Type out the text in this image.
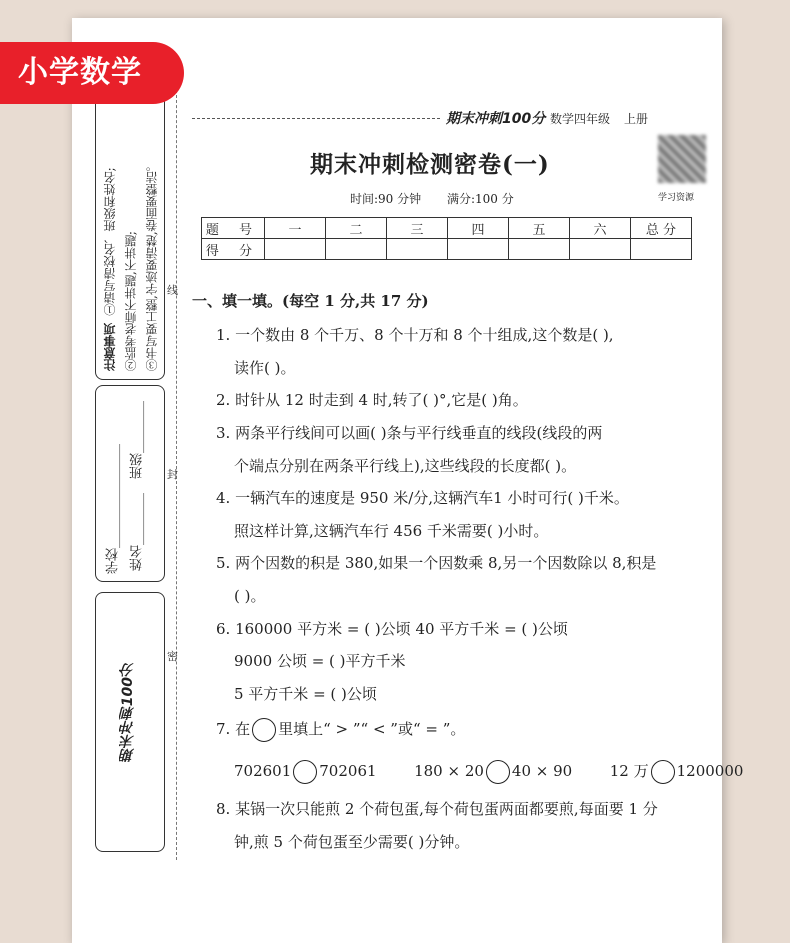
小学数学
注意事项  ①请写清校名、班级和姓名; ②监考老师不讲题,不讲题; ③书写要工整,字迹要清楚,卷面要整洁。
学校________________ 班级________
姓名________
期末冲刺100分
线
封
密
期末冲刺100分 数学四年级 上册
学习资源
期末冲刺检测密卷(一)
时间:90 分钟 满分:100 分
题 号	一	二	三	四	五	六	总 分
得 分							
一、填一填。(每空 1 分,共 17 分)
1. 一个数由 8 个千万、8 个十万和 8 个十组成,这个数是( ),
读作( )。
2. 时针从 12 时走到 4 时,转了( )°,它是( )角。
3. 两条平行线间可以画( )条与平行线垂直的线段(线段的两
个端点分别在两条平行线上),这些线段的长度都( )。
4. 一辆汽车的速度是 950 米/分,这辆汽车1 小时可行( )千米。
照这样计算,这辆汽车行 456 千米需要( )小时。
5. 两个因数的积是 380,如果一个因数乘 8,另一个因数除以 8,积是
( )。
6. 160000 平方米 = ( )公顷 40 平方千米 = ( )公顷
9000 公顷 = ( )平方千米
5 平方千米 = ( )公顷
7. 在 里填上“ > ”“ < ”或“ = ”。
702601 702061	180 × 20 40 × 90	12 万 1200000
8. 某锅一次只能煎 2 个荷包蛋,每个荷包蛋两面都要煎,每面要 1 分
钟,煎 5 个荷包蛋至少需要( )分钟。
